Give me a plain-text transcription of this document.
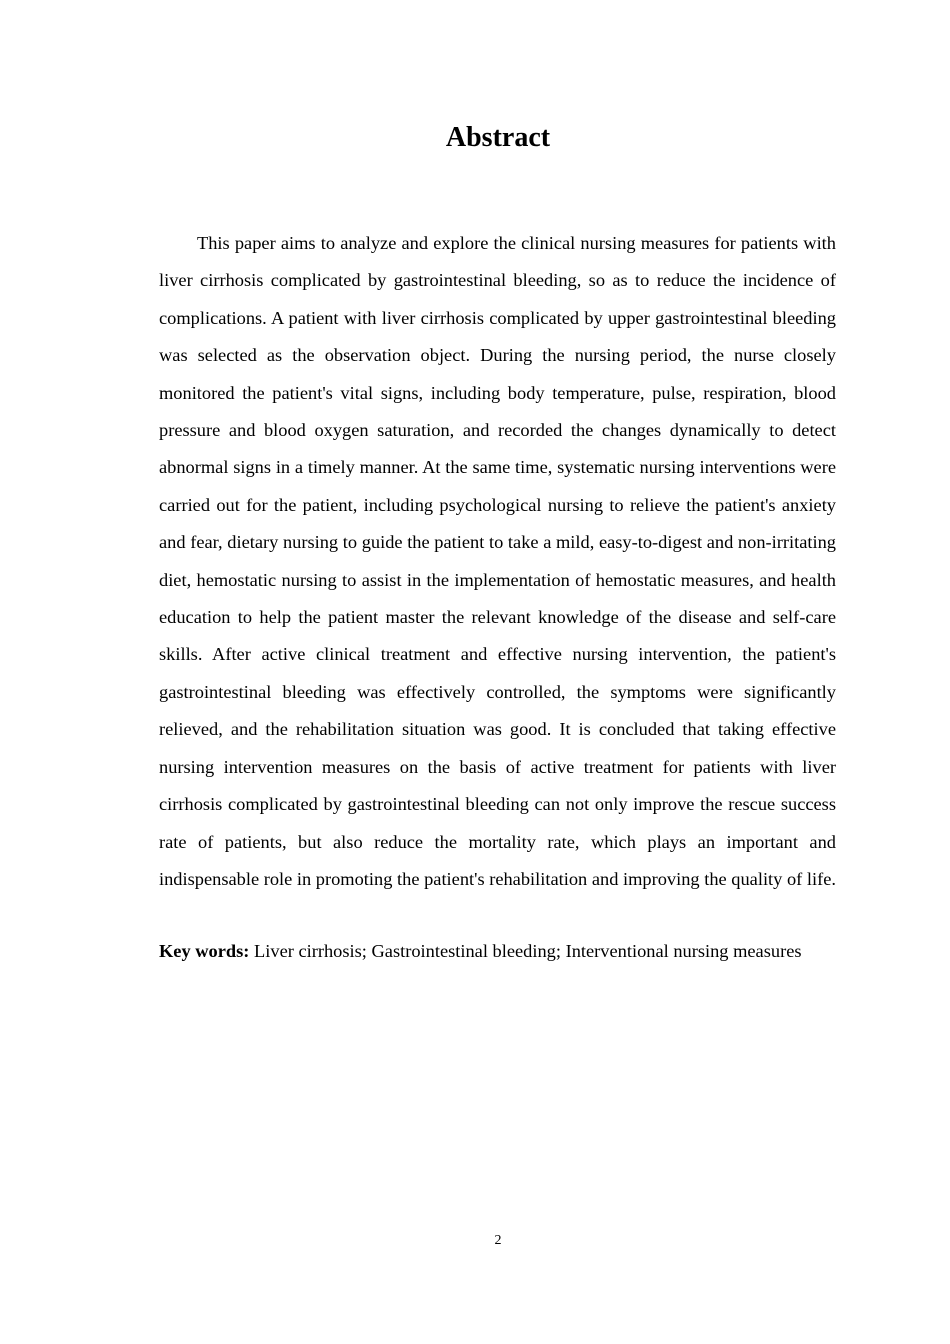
Abstract

This paper aims to analyze and explore the clinical nursing measures for patients with liver cirrhosis complicated by gastrointestinal bleeding, so as to reduce the incidence of complications. A patient with liver cirrhosis complicated by upper gastrointestinal bleeding was selected as the observation object. During the nursing period, the nurse closely monitored the patient's vital signs, including body temperature, pulse, respiration, blood pressure and blood oxygen saturation, and recorded the changes dynamically to detect abnormal signs in a timely manner. At the same time, systematic nursing interventions were carried out for the patient, including psychological nursing to relieve the patient's anxiety and fear, dietary nursing to guide the patient to take a mild, easy-to-digest and non-irritating diet, hemostatic nursing to assist in the implementation of hemostatic measures, and health education to help the patient master the relevant knowledge of the disease and self-care skills. After active clinical treatment and effective nursing intervention, the patient's gastrointestinal bleeding was effectively controlled, the symptoms were significantly relieved, and the rehabilitation situation was good. It is concluded that taking effective nursing intervention measures on the basis of active treatment for patients with liver cirrhosis complicated by gastrointestinal bleeding can not only improve the rescue success rate of patients, but also reduce the mortality rate, which plays an important and indispensable role in promoting the patient's rehabilitation and improving the quality of life.

Key words: Liver cirrhosis; Gastrointestinal bleeding; Interventional nursing measures

2
